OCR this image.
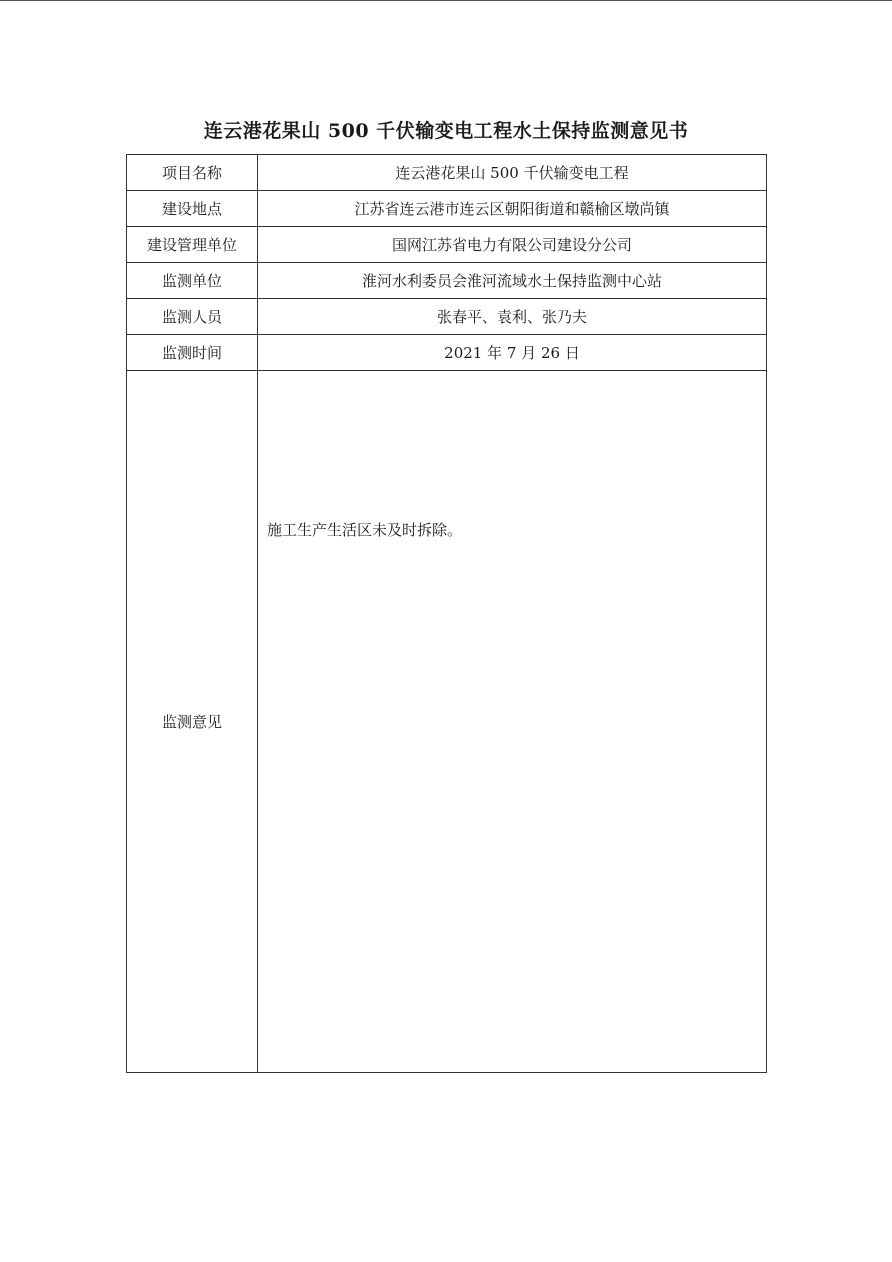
连云港花果山 500 千伏输变电工程水土保持监测意见书
项目名称	连云港花果山 500 千伏输变电工程
建设地点	江苏省连云港市连云区朝阳街道和赣榆区墩尚镇
建设管理单位	国网江苏省电力有限公司建设分公司
监测单位	淮河水利委员会淮河流域水土保持监测中心站
监测人员	张春平、袁利、张乃夫
监测时间	2021 年 7 月 26 日
监测意见	施工生产生活区未及时拆除。
